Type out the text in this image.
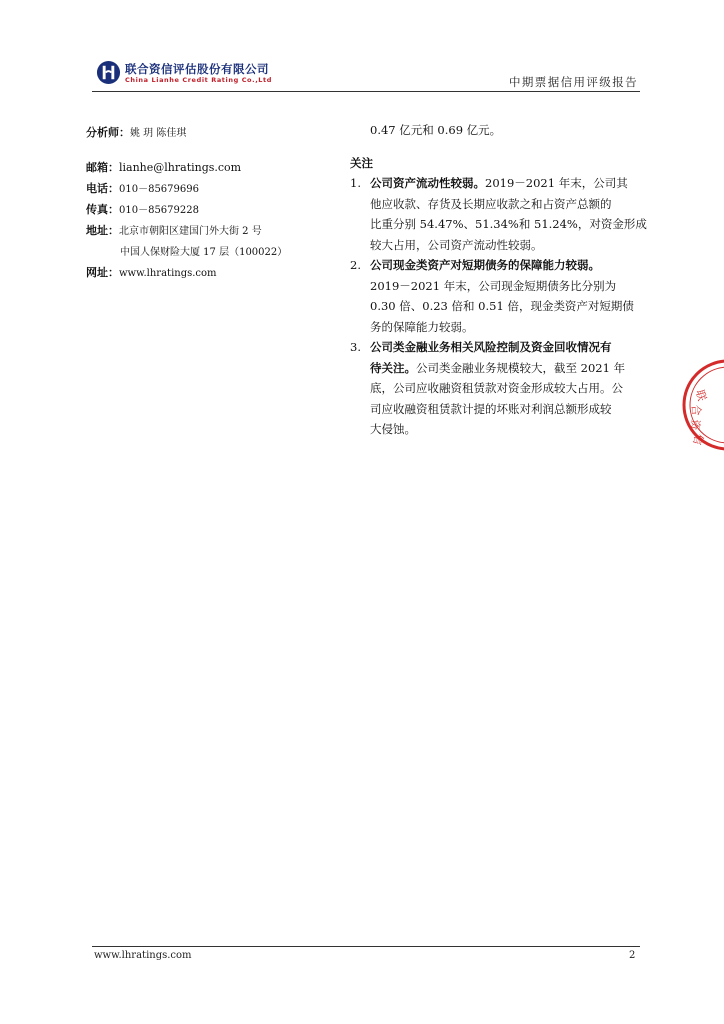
联合资信评估股份有限公司
China Lianhe Credit Rating Co.,Ltd	中期票据信用评级报告
分析师：姚 玥 陈佳琪
邮箱：lianhe@lhratings.com
电话：010－85679696
传真：010－85679228
地址：北京市朝阳区建国门外大街 2 号
中国人保财险大厦 17 层（100022）
网址：www.lhratings.com
0.47 亿元和 0.69 亿元。
关注
1. 公司资产流动性较弱。2019－2021 年末，公司其
他应收款、存货及长期应收款之和占资产总额的
比重分别 54.47%、51.34%和 51.24%，对资金形成
较大占用，公司资产流动性较弱。
2. 公司现金类资产对短期债务的保障能力较弱。
2019－2021 年末，公司现金短期债务比分别为
0.30 倍、0.23 倍和 0.51 倍，现金类资产对短期债
务的保障能力较弱。
3. 公司类金融业务相关风险控制及资金回收情况有
待关注。公司类金融业务规模较大，截至 2021 年
底，公司应收融资租赁款对资金形成较大占用。公
司应收融资租赁款计提的坏账对利润总额形成较
大侵蚀。
联
合
资
信
www.lhratings.com	2
